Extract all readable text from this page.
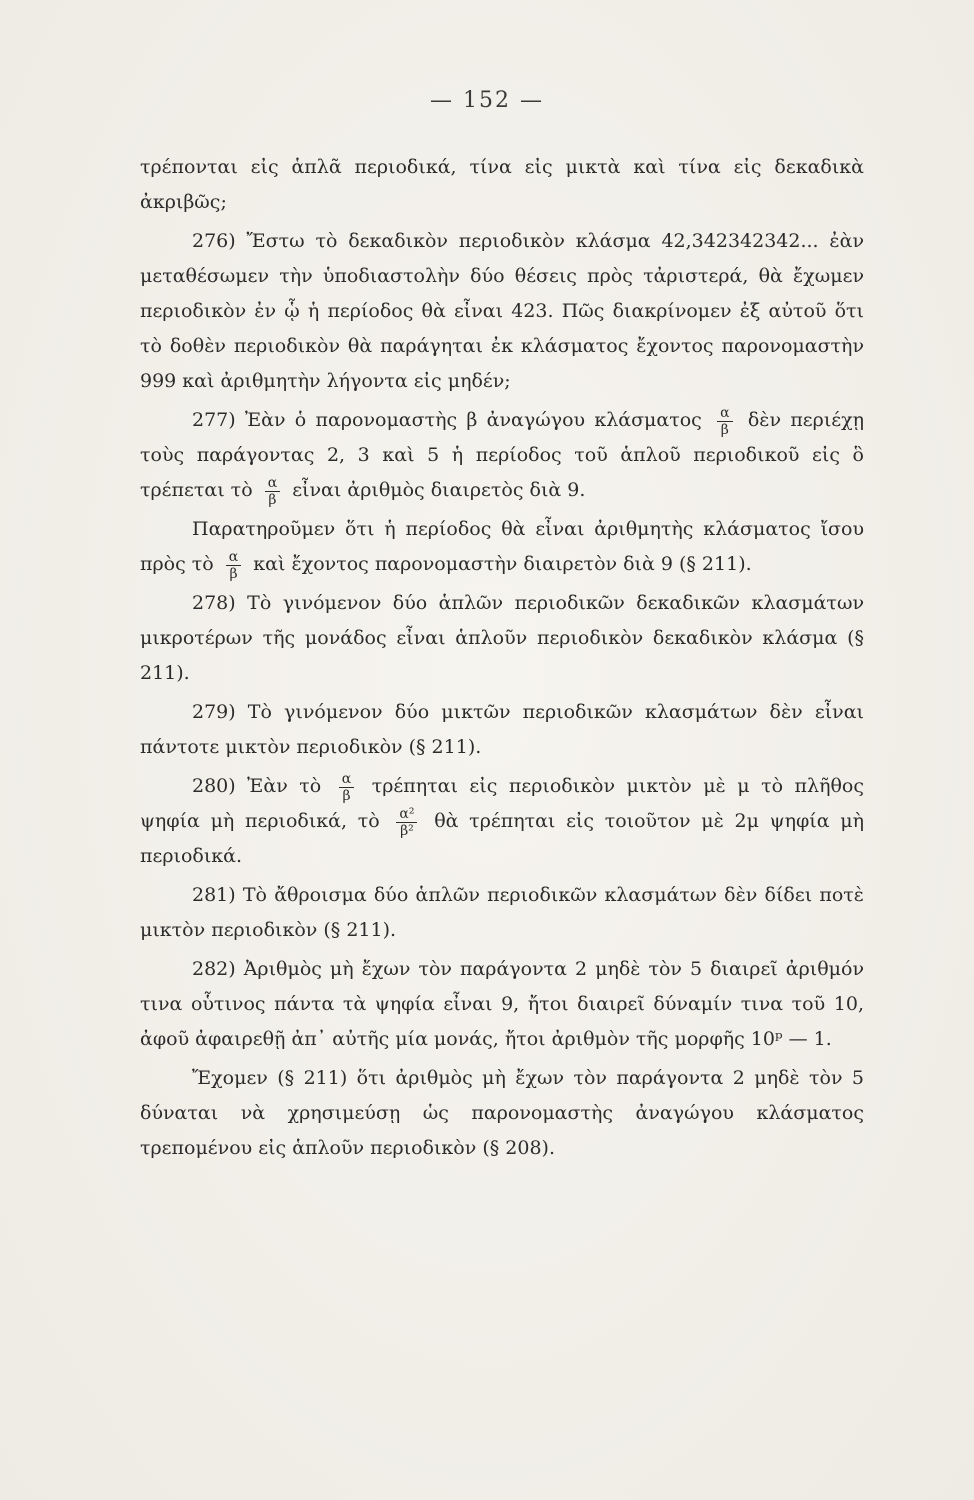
— 152 —

τρέπονται εἰς ἁπλᾶ περιοδικά, τίνα εἰς μικτὰ καὶ τίνα εἰς δεκαδικὰ ἀκριβῶς;

276) Ἔστω τὸ δεκαδικὸν περιοδικὸν κλάσμα 42,342342342... ἐὰν μεταθέσωμεν τὴν ὑποδιαστολὴν δύο θέσεις πρὸς τἀριστερά, θὰ ἔχωμεν περιοδικὸν ἐν ᾧ ἡ περίοδος θὰ εἶναι 423. Πῶς διακρίνομεν ἐξ αὐτοῦ ὅτι τὸ δοθὲν περιοδικὸν θὰ παράγηται ἐκ κλάσματος ἔχοντος παρονομαστὴν 999 καὶ ἀριθμητὴν λήγοντα εἰς μηδέν;

277) Ἐὰν ὁ παρονομαστὴς β ἀναγώγου κλάσματος $\frac{\alpha}{\beta}$ δὲν περιέχῃ τοὺς παράγοντας 2, 3 καὶ 5 ἡ περίοδος τοῦ ἁπλοῦ περιοδικοῦ εἰς ὃ τρέπεται τὸ $\frac{\alpha}{\beta}$ εἶναι ἀριθμὸς διαιρετὸς διὰ 9.

Παρατηροῦμεν ὅτι ἡ περίοδος θὰ εἶναι ἀριθμητὴς κλάσματος ἴσου πρὸς τὸ $\frac{\alpha}{\beta}$ καὶ ἔχοντος παρονομαστὴν διαιρετὸν διὰ 9 (§ 211).

278) Τὸ γινόμενον δύο ἁπλῶν περιοδικῶν δεκαδικῶν κλασμάτων μικροτέρων τῆς μονάδος εἶναι ἁπλοῦν περιοδικὸν δεκαδικὸν κλάσμα (§ 211).

279) Τὸ γινόμενον δύο μικτῶν περιοδικῶν κλασμάτων δὲν εἶναι πάντοτε μικτὸν περιοδικὸν (§ 211).

280) Ἐὰν τὸ $\frac{\alpha}{\beta}$ τρέπηται εἰς περιοδικὸν μικτὸν μὲ μ τὸ πλῆθος ψηφία μὴ περιοδικά, τὸ $\frac{\text{α²}}{\text{β²}}$ θὰ τρέπηται εἰς τοιοῦτον μὲ 2μ ψηφία μὴ περιοδικά.

281) Τὸ ἄθροισμα δύο ἁπλῶν περιοδικῶν κλασμάτων δὲν δίδει ποτὲ μικτὸν περιοδικὸν (§ 211).

282) Ἀριθμὸς μὴ ἔχων τὸν παράγοντα 2 μηδὲ τὸν 5 διαιρεῖ ἀριθμόν τινα οὗτινος πάντα τὰ ψηφία εἶναι 9, ἤτοι διαιρεῖ δύναμίν τινα τοῦ 10, ἀφοῦ ἀφαιρεθῇ ἀπ᾽ αὐτῆς μία μονάς, ἤτοι ἀριθμὸν τῆς μορφῆς 10ᵖ — 1.

Ἔχομεν (§ 211) ὅτι ἀριθμὸς μὴ ἔχων τὸν παράγοντα 2 μηδὲ τὸν 5 δύναται νὰ χρησιμεύσῃ ὡς παρονομαστὴς ἀναγώγου κλάσματος τρεπομένου εἰς ἁπλοῦν περιοδικὸν (§ 208).
